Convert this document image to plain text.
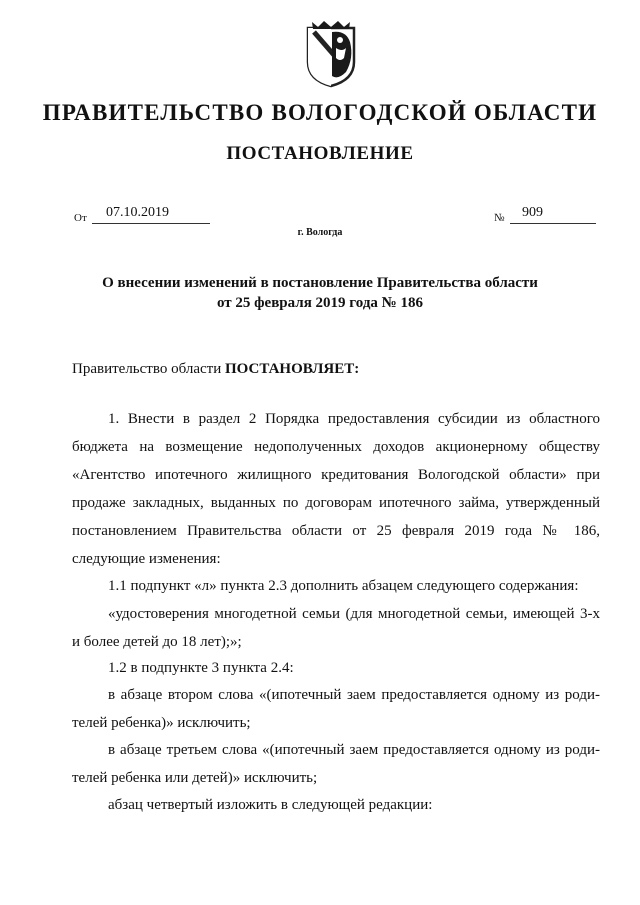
ПРАВИТЕЛЬСТВО ВОЛОГОДСКОЙ ОБЛАСТИ
ПОСТАНОВЛЕНИЕ
От	07.10.2019	№	909
г. Вологда
О внесении изменений в постановление Правительства области
от 25 февраля 2019 года № 186
Правительство области ПОСТАНОВЛЯЕТ:
1. Внести в раздел 2 Порядка предоставления субсидии из областного
бюджета на возмещение недополученных доходов акционерному обществу
«Агентство ипотечного жилищного кредитования Вологодской области» при
продаже закладных, выданных по договорам ипотечного займа, утвержденный
постановлением Правительства области от 25 февраля 2019 года № 186,
следующие изменения:
1.1 подпункт «л» пункта 2.3 дополнить абзацем следующего содержания:
«удостоверения многодетной семьи (для многодетной семьи, имеющей 3-х
и более детей до 18 лет);»;
1.2 в подпункте 3 пункта 2.4:
в абзаце втором слова «(ипотечный заем предоставляется одному из роди-
телей ребенка)» исключить;
в абзаце третьем слова «(ипотечный заем предоставляется одному из роди-
телей ребенка или детей)» исключить;
абзац четвертый изложить в следующей редакции:
